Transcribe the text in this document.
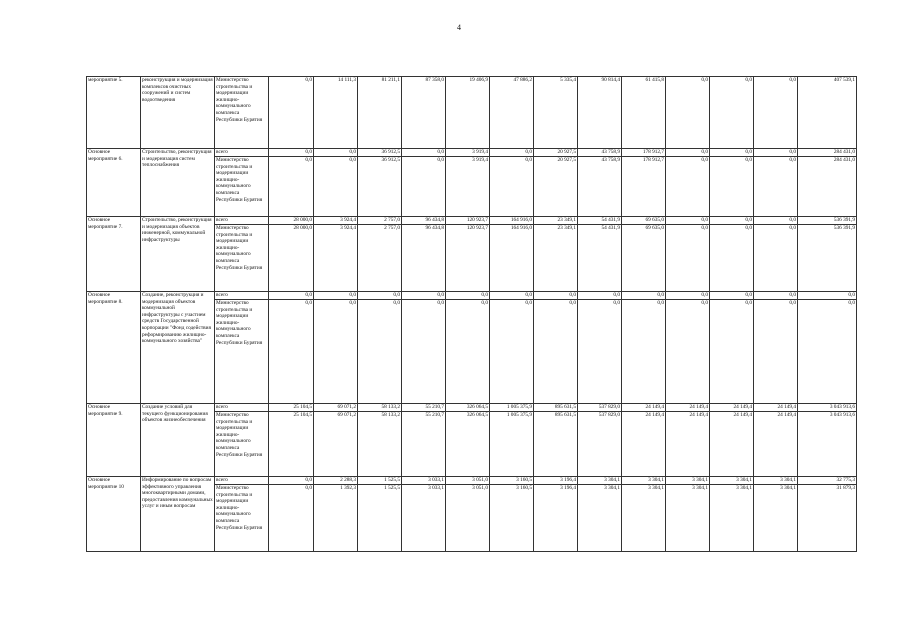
4
мероприятие 5.	реконструкция и модернизация комплексов очистных сооружений и систем водоотведения	Министерство строительства и модернизации жилищно-коммунального комплекса Республики Бурятия	0,0	14 111,3	81 211,1	87 358,0	19 406,9	47 886,2	5 335,4	90 814,4	61 415,8	0,0	0,0	0,0	407 539,1
Основное мероприятие 6.	Строительство, реконструкция и модернизация систем теплоснабжения	всего	0,0	0,0	36 912,5	0,0	3 919,4	0,0	20 927,5	43 758,9	178 912,7	0,0	0,0	0,0	284 431,0
		Министерство строительства и модернизации жилищно-коммунального комплекса Республики Бурятия	0,0	0,0	36 912,5	0,0	3 919,4	0,0	20 927,5	43 758,9	178 912,7	0,0	0,0	0,0	284 431,0
Основное мероприятие 7.	Строительство, реконструкция и модернизация объектов инженерной, коммунальной инфраструктуры	всего	28 000,0	3 924,4	2 757,0	96 434,8	120 923,7	164 916,0	23 349,1	54 431,9	69 635,0	0,0	0,0	0,0	536 391,9
		Министерство строительства и модернизации жилищно-коммунального комплекса Республики Бурятия	28 000,0	3 924,4	2 757,0	96 434,8	120 923,7	164 916,0	23 349,1	54 431,9	69 635,0	0,0	0,0	0,0	536 391,9
Основное мероприятие 8.	Создание, реконструкция и модернизация объектов коммунальной инфраструктуры с участием средств Государственной корпорации "Фонд содействия реформированию жилищно-коммунального хозяйства"	всего	0,0	0,0	0,0	0,0	0,0	0,0	0,0	0,0	0,0	0,0	0,0	0,0	0,0
		Министерство строительства и модернизации жилищно-коммунального комплекса Республики Бурятия	0,0	0,0	0,0	0,0	0,0	0,0	0,0	0,0	0,0	0,0	0,0	0,0	0,0
Основное мероприятие 9.	Создание условий для текущего функционирования объектов жизнеобеспечения	всего	25 104,5	69 071,2	58 133,2	55 210,7	326 064,5	1 005 375,9	895 631,5	537 829,0	24 149,4	24 149,4	24 149,4	24 149,4	3 043 913,6
		Министерство строительства и модернизации жилищно-коммунального комплекса Республики Бурятия	25 104,5	69 071,2	58 133,2	55 210,7	326 064,5	1 005 375,9	895 631,5	537 829,0	24 149,4	24 149,4	24 149,4	24 149,4	3 043 913,6
Основное мероприятие 10	Информирование по вопросам эффективного управления многоквартирными домами, предоставления коммунальных услуг и иным вопросам	всего	0,0	2 288,3	1 525,5	3 033,1	3 051,0	3 160,5	3 196,4	3 304,1	3 304,1	3 304,1	3 304,1	3 304,1	32 775,3
		Министерство строительства и модернизации жилищно-коммунального комплекса Республики Бурятия	0,0	1 392,3	1 525,5	3 033,1	3 051,0	3 160,5	3 196,4	3 304,1	3 304,1	3 304,1	3 304,1	3 304,1	31 879,3
